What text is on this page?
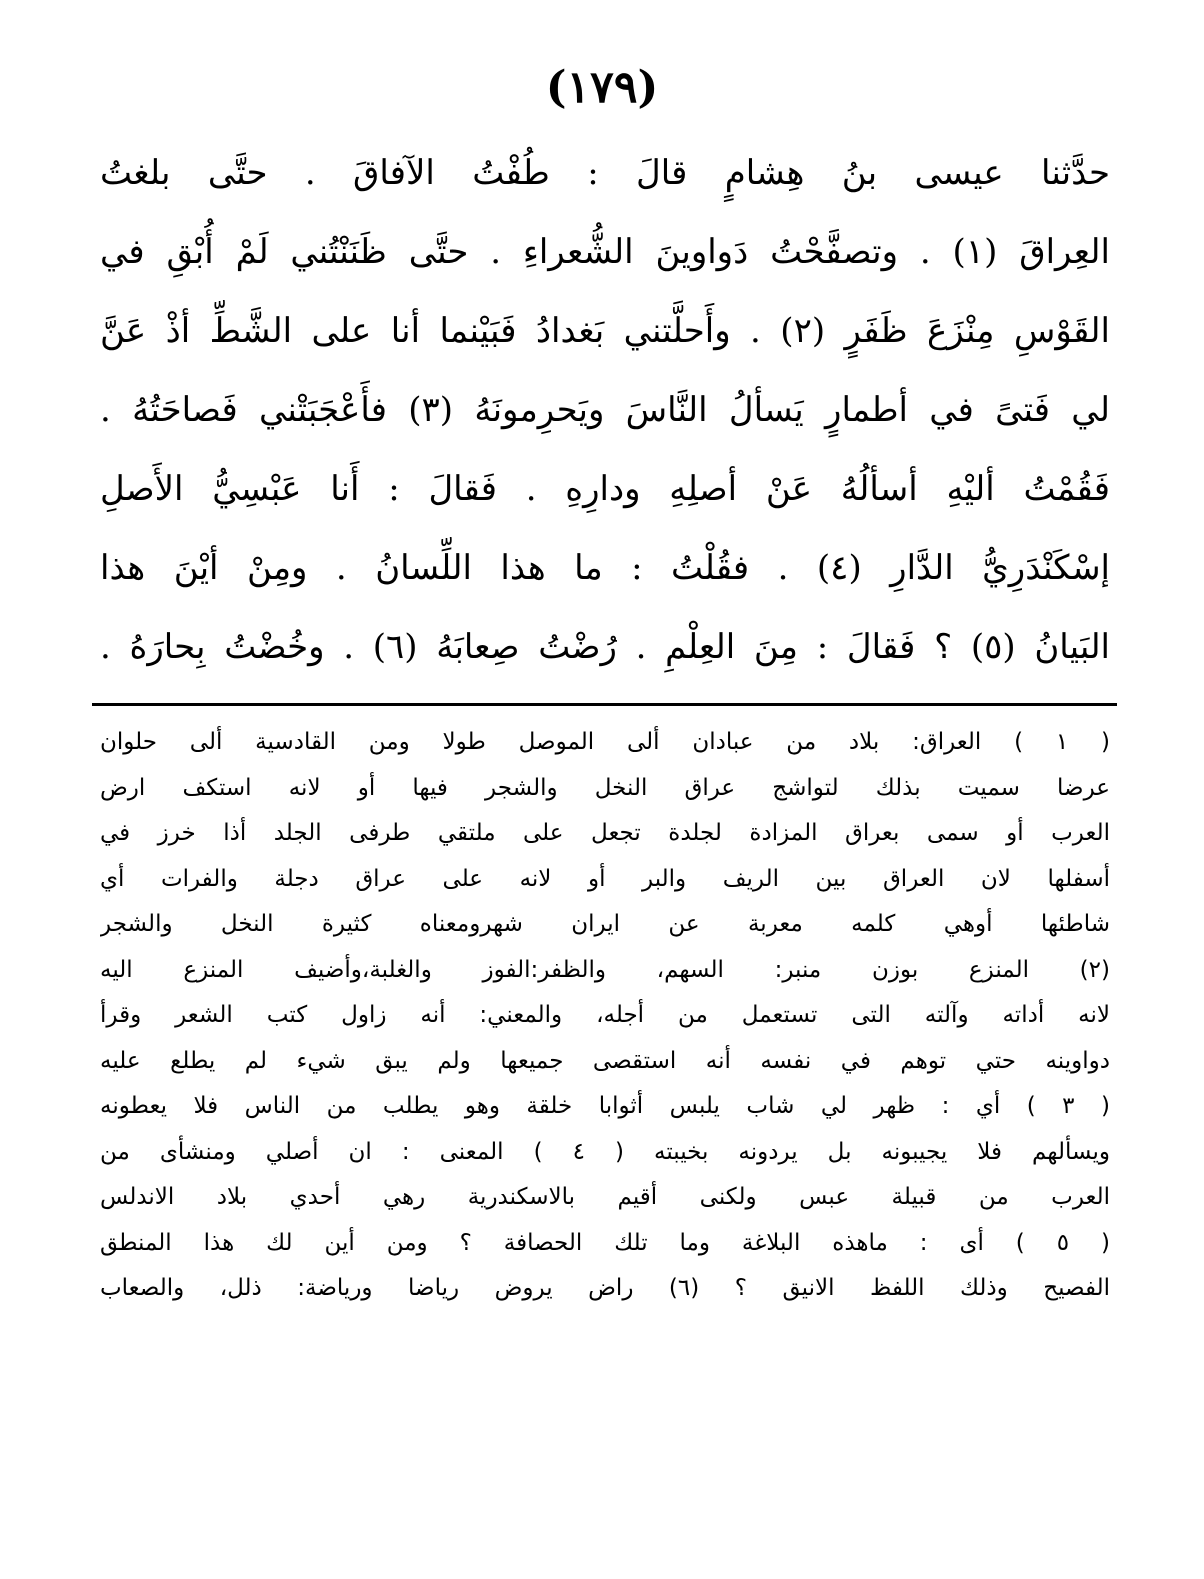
(١٧٩)
حدَّثنا عيسى بنُ هِشامٍ قالَ : طُفْتُ الآفاقَ . حتَّى بلغتُ
العِراقَ (١) . وتصفَّحْتُ دَواوينَ الشُّعراءِ . حتَّى ظَنَنْتُني لَمْ أُبْقِ في
القَوْسِ مِنْزَعَ ظَفَرٍ (٢) . وأَحلَّتني بَغدادُ فَبَيْنما أنا على الشَّطِّ أذْ عَنَّ
لي فَتىً في أطمارٍ يَسألُ النَّاسَ ويَحرِمونَهُ (٣) فأَعْجَبَتْني فَصاحَتُهُ .
فَقُمْتُ أليْهِ أسألُهُ عَنْ أصلِهِ ودارِهِ . فَقالَ : أَنا عَبْسِيُّ الأَصلِ
إسْكَنْدَرِيُّ الدَّارِ (٤) . فقُلْتُ : ما هذا اللِّسانُ . ومِنْ أيْنَ هذا
البَيانُ (٥) ؟ فَقالَ : مِنَ العِلْمِ . رُضْتُ صِعابَهُ (٦) . وخُضْتُ بِحارَهُ .
( ١ ) العراق: بلاد من عبادان ألى الموصل طولا ومن القادسية ألى حلوان
عرضا سميت بذلك لتواشج عراق النخل والشجر فيها أو لانه استكف ارض
العرب أو سمى بعراق المزادة لجلدة تجعل على ملتقي طرفى الجلد أذا خرز في
أسفلها لان العراق بين الريف والبر أو لانه على عراق دجلة والفرات أي
شاطئها أوهي كلمه معربة عن ايران شهرومعناه كثيرة النخل والشجر
(٢) المنزع بوزن منبر: السهم، والظفر:الفوز والغلبة،وأضيف المنزع اليه
لانه أداته وآلته التى تستعمل من أجله، والمعني: أنه زاول كتب الشعر وقرأ
دواوينه حتي توهم في نفسه أنه استقصى جميعها ولم يبق شيء لم يطلع عليه
( ٣ ) أي : ظهر لي شاب يلبس أثوابا خلقة وهو يطلب من الناس فلا يعطونه
ويسألهم فلا يجيبونه بل يردونه بخيبته ( ٤ ) المعنى : ان أصلي ومنشأى من
العرب من قبيلة عبس ولكنى أقيم بالاسكندرية رهي أحدي بلاد الاندلس
( ٥ ) أى : ماهذه البلاغة وما تلك الحصافة ؟ ومن أين لك هذا المنطق
الفصيح وذلك اللفظ الانيق ؟ (٦) راض يروض رياضا ورياضة: ذلل، والصعاب
